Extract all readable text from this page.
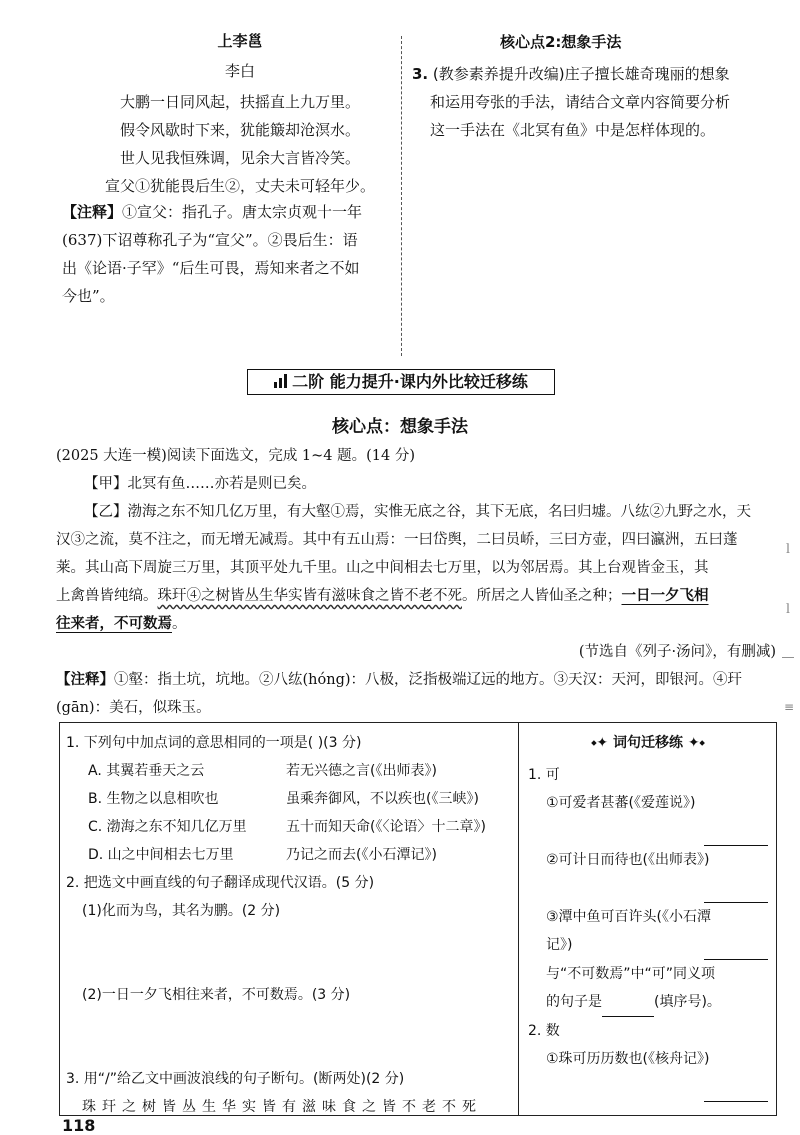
上李邕
李白
大鹏一日同风起，扶摇直上九万里。
假令风歇时下来，犹能簸却沧溟水。
世人见我恒殊调，见余大言皆冷笑。
宣父①犹能畏后生②，丈夫未可轻年少。
【注释】①宣父：指孔子。唐太宗贞观十一年
(637)下诏尊称孔子为“宣父”。②畏后生：语
出《论语·子罕》“后生可畏，焉知来者之不如
今也”。
核心点2:想象手法
3. (教参素养提升改编)庄子擅长雄奇瑰丽的想象
和运用夸张的手法，请结合文章内容简要分析
这一手法在《北冥有鱼》中是怎样体现的。
二阶 能力提升·课内外比较迁移练
核心点：想象手法
(2025 大连一模)阅读下面选文，完成 1~4 题。(14 分)
【甲】北冥有鱼……亦若是则已矣。
【乙】渤海之东不知几亿万里，有大壑①焉，实惟无底之谷，其下无底，名曰归墟。八纮②九野之水，天
汉③之流，莫不注之，而无增无减焉。其中有五山焉：一曰岱舆，二曰员峤，三曰方壶，四曰瀛洲，五曰蓬
莱。其山高下周旋三万里，其顶平处九千里。山之中间相去七万里，以为邻居焉。其上台观皆金玉，其
上禽兽皆纯缟。珠玕④之树皆丛生华实皆有滋味食之皆不老不死。所居之人皆仙圣之种；一日一夕飞相
往来者，不可数焉。
(节选自《列子·汤问》，有删减)
【注释】①壑：指土坑，坑地。②八纮(hóng)：八极，泛指极端辽远的地方。③天汉：天河，即银河。④玕
(gān)：美石，似珠玉。
ｌ
ｌ
―
≡
1. 下列句中加点词的意思相同的一项是( )(3 分)
A. 其翼若垂天之云	若无兴德之言(《出师表》)
B. 生物之以息相吹也	虽乘奔御风，不以疾也(《三峡》)
C. 渤海之东不知几亿万里	五十而知天命(《〈论语〉十二章》)
D. 山之中间相去七万里	乃记之而去(《小石潭记》)
2. 把选文中画直线的句子翻译成现代汉语。(5 分)
(1)化而为鸟，其名为鹏。(2 分)
(2)一日一夕飞相往来者，不可数焉。(3 分)
3. 用“/”给乙文中画波浪线的句子断句。(断两处)(2 分)
珠玕之树皆丛生华实皆有滋味食之皆不老不死
⬩✦ 词句迁移练 ✦⬩
1. 可
①可爱者甚蕃(《爱莲说》)

②可计日而待也(《出师表》)

③潭中鱼可百许头(《小石潭
记》)

与“不可数焉”中“可”同义项
的句子是	(填序号)。
2. 数
①珠可历历数也(《核舟记》)

118
